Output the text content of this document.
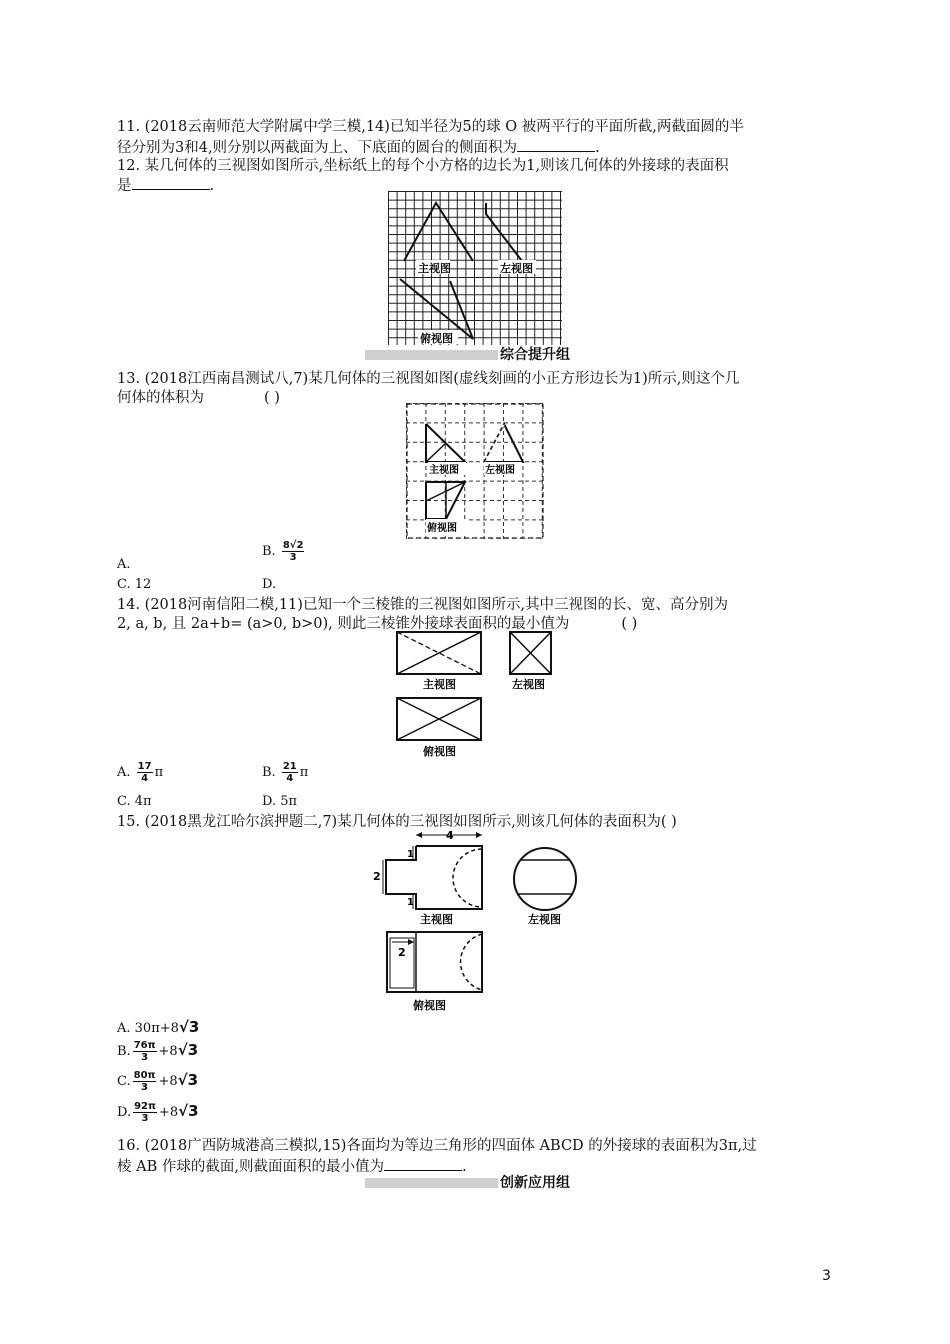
11. (2018云南师范大学附属中学三模,14)已知半径为5的球 O 被两平行的平面所截,两截面圆的半
径分别为3和4,则分别以两截面为上、下底面的圆台的侧面积为	.
12. 某几何体的三视图如图所示,坐标纸上的每个小方格的边长为1,则该几何体的外接球的表面积
是	.
主视图	左视图
俯视图
综合提升组
13. (2018江西南昌测试八,7)某几何体的三视图如图(虚线刻画的小正方形边长为1)所示,则这个几
何体的体积为	( )
主视图	左视图
俯视图
A.
B. $\frac{8√2}{3}$
C. 12	D.
14. (2018河南信阳二模,11)已知一个三棱锥的三视图如图所示,其中三视图的长、宽、高分别为
2, a, b, 且 2a+b= (a>0, b>0), 则此三棱锥外接球表面积的最小值为	( )
主视图	左视图
俯视图
A. $\frac{17}{4}$ π	B. $\frac{21}{4}$ π
C. 4π	D. 5π
15. (2018黑龙江哈尔滨押题二,7)某几何体的三视图如图所示,则该几何体的表面积为( )
4
2
1
1
主视图	左视图
2
俯视图
A. 30π+8√3
B. $\frac{76\pi}{3} +8√3$
C. $\frac{80\pi}{3} +8√3$
D. $\frac{92\pi}{3} +8√3$
16. (2018广西防城港高三模拟,15)各面均为等边三角形的四面体 ABCD 的外接球的表面积为3π,过
棱 AB 作球的截面,则截面面积的最小值为	.
创新应用组
3
